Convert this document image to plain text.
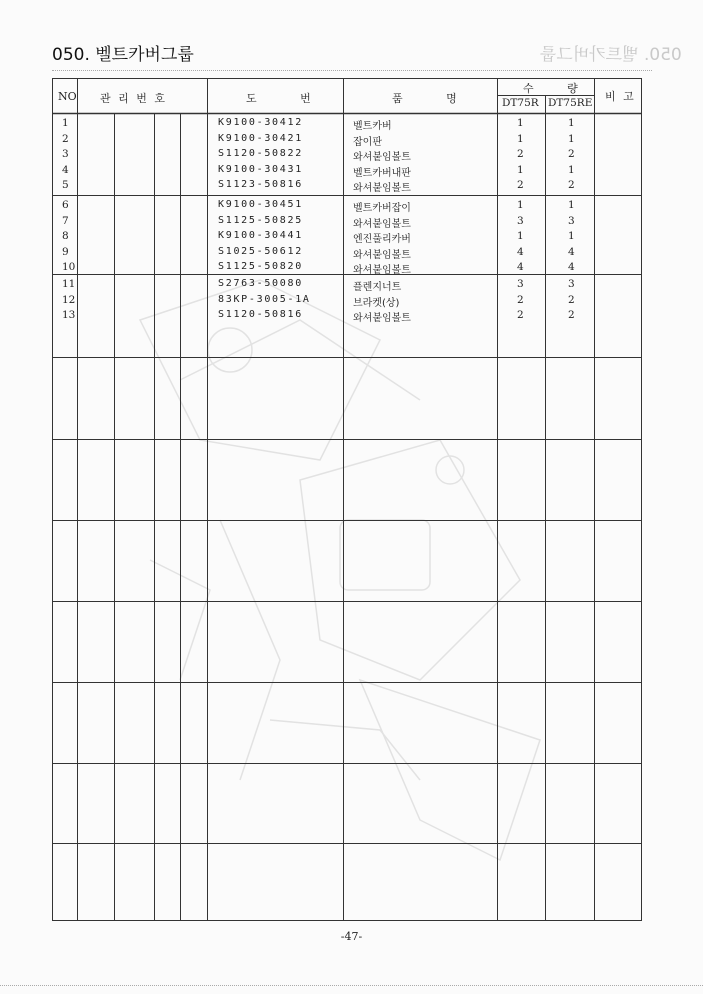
050. 벨트카버그룹	050. 벨트카버그룹
NO 관 리 번 호	도 번	품 명
수 량
DT75R DT75RE 비 고
1	K9100-30412	벨트카버	1	1
2	K9100-30421	잡이판	1	1
3	S1120-50822	와셔붙임볼트	2	2
4	K9100-30431	벨트카버내판	1	1
5	S1123-50816	와셔붙임볼트	2	2
6	K9100-30451	벨트카버잡이	1	1
7	S1125-50825	와셔붙임볼트	3	3
8	K9100-30441	엔진풀리카버	1	1
9	S1025-50612	와셔붙임볼트	4	4
10	S1125-50820	와셔붙임볼트	4	4
11	S2763-50080	플렌지너트	3	3
12	83KP-3005-1A	브라켓(상)	2	2
13	S1120-50816	와셔붙임볼트	2	2
-47-
